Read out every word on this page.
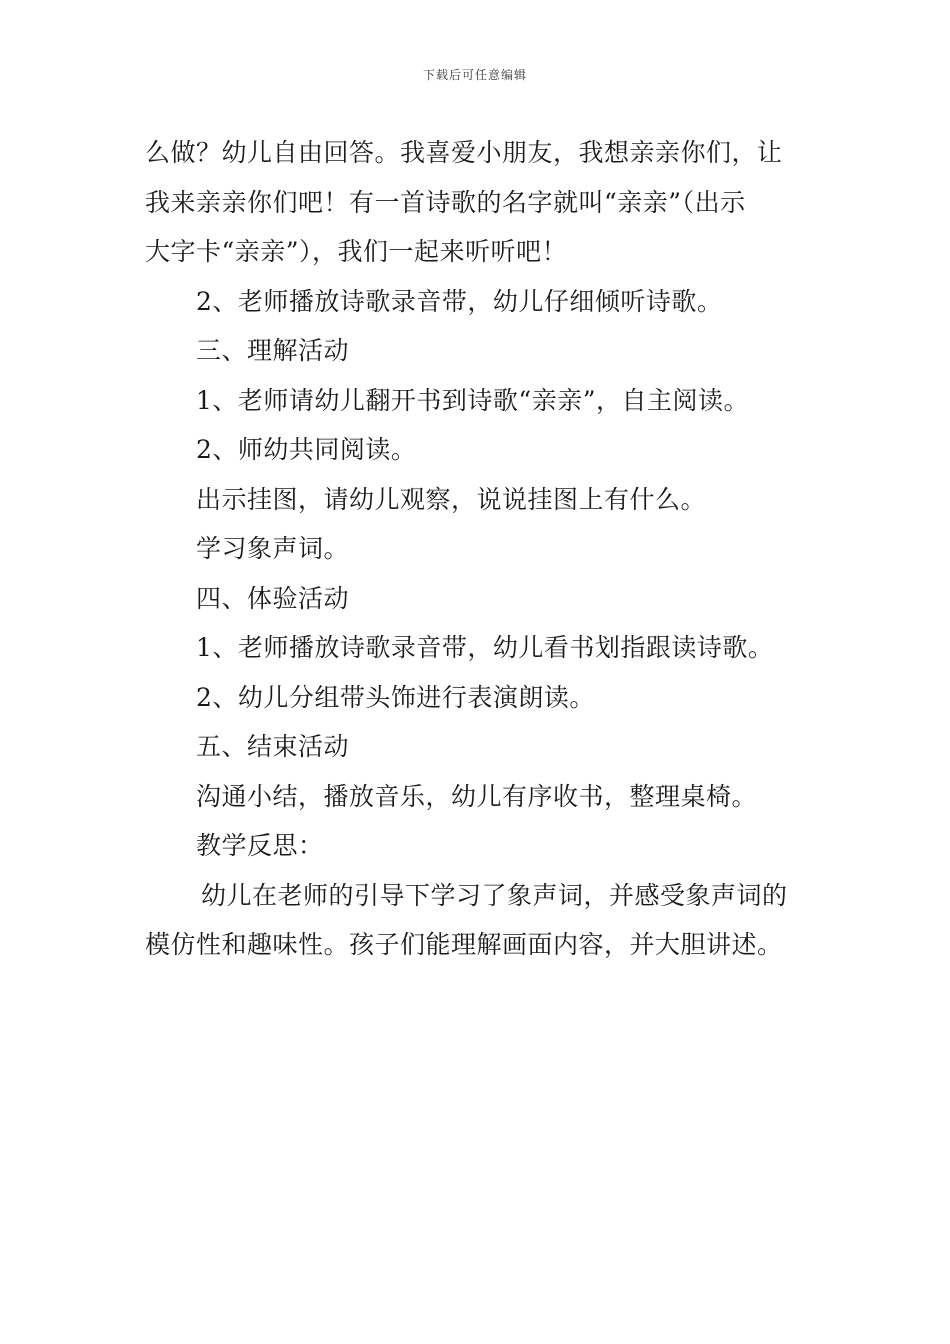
下载后可任意编辑
么做？幼儿自由回答。我喜爱小朋友，我想亲亲你们，让
我来亲亲你们吧！有一首诗歌的名字就叫“亲亲”（出示
大字卡“亲亲”），我们一起来听听吧！
2、老师播放诗歌录音带，幼儿仔细倾听诗歌。
三、理解活动
1、老师请幼儿翻开书到诗歌“亲亲”，自主阅读。
2、师幼共同阅读。
出示挂图，请幼儿观察，说说挂图上有什么。
学习象声词。
四、体验活动
1、老师播放诗歌录音带，幼儿看书划指跟读诗歌。
2、幼儿分组带头饰进行表演朗读。
五、结束活动
沟通小结，播放音乐，幼儿有序收书，整理桌椅。
教学反思：
幼儿在老师的引导下学习了象声词，并感受象声词的
模仿性和趣味性。孩子们能理解画面内容，并大胆讲述。
